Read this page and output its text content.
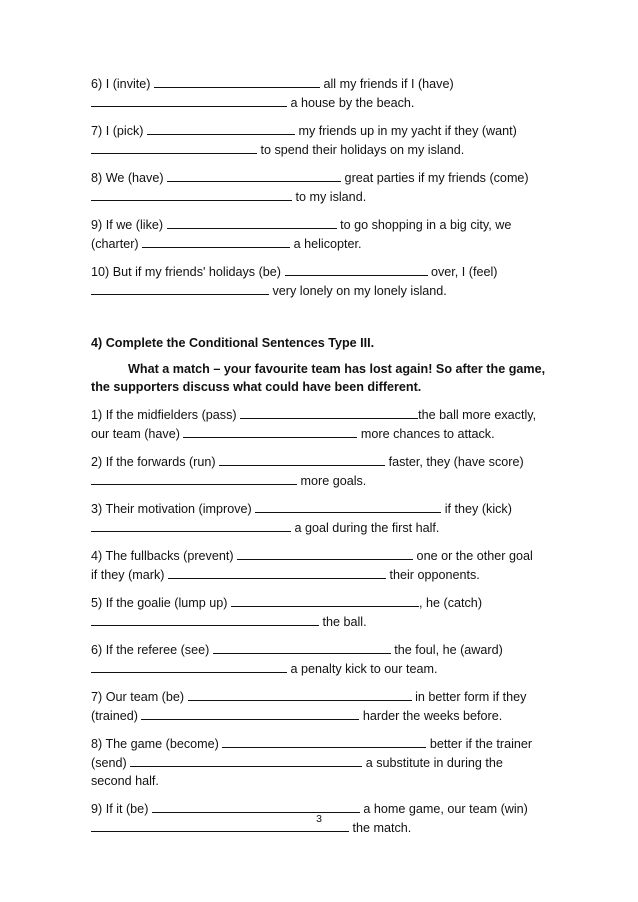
6) I (invite)	all my friends if I (have)

a house by the beach.

7) I (pick)	my friends up in my yacht if they (want)

to spend their holidays on my island.

8) We (have)	great parties if my friends (come)

to my island.

9) If we (like)	to go shopping in a big city, we

(charter)	a helicopter.

10) But if my friends' holidays (be)	over, I (feel)

very lonely on my lonely island.

4) Complete the Conditional Sentences Type III.

What a match – your favourite team has lost again! So after the game, the supporters discuss what could have been different.

1) If the midfielders (pass)	the ball more exactly,

our team (have)	more chances to attack.

2) If the forwards (run)	faster, they (have score)

more goals.

3) Their motivation (improve)	if they (kick)

a goal during the first half.

4) The fullbacks (prevent)	one or the other goal

if they (mark)	their opponents.

5) If the goalie (lump up)	, he (catch)

the ball.

6) If the referee (see)	the foul, he (award)

a penalty kick to our team.

7) Our team (be)	in better form if they

(trained)	harder the weeks before.

8) The game (become)	better if the trainer

(send)	a substitute in during the

second half.

9) If it (be)	a home game, our team (win)

the match.

3
